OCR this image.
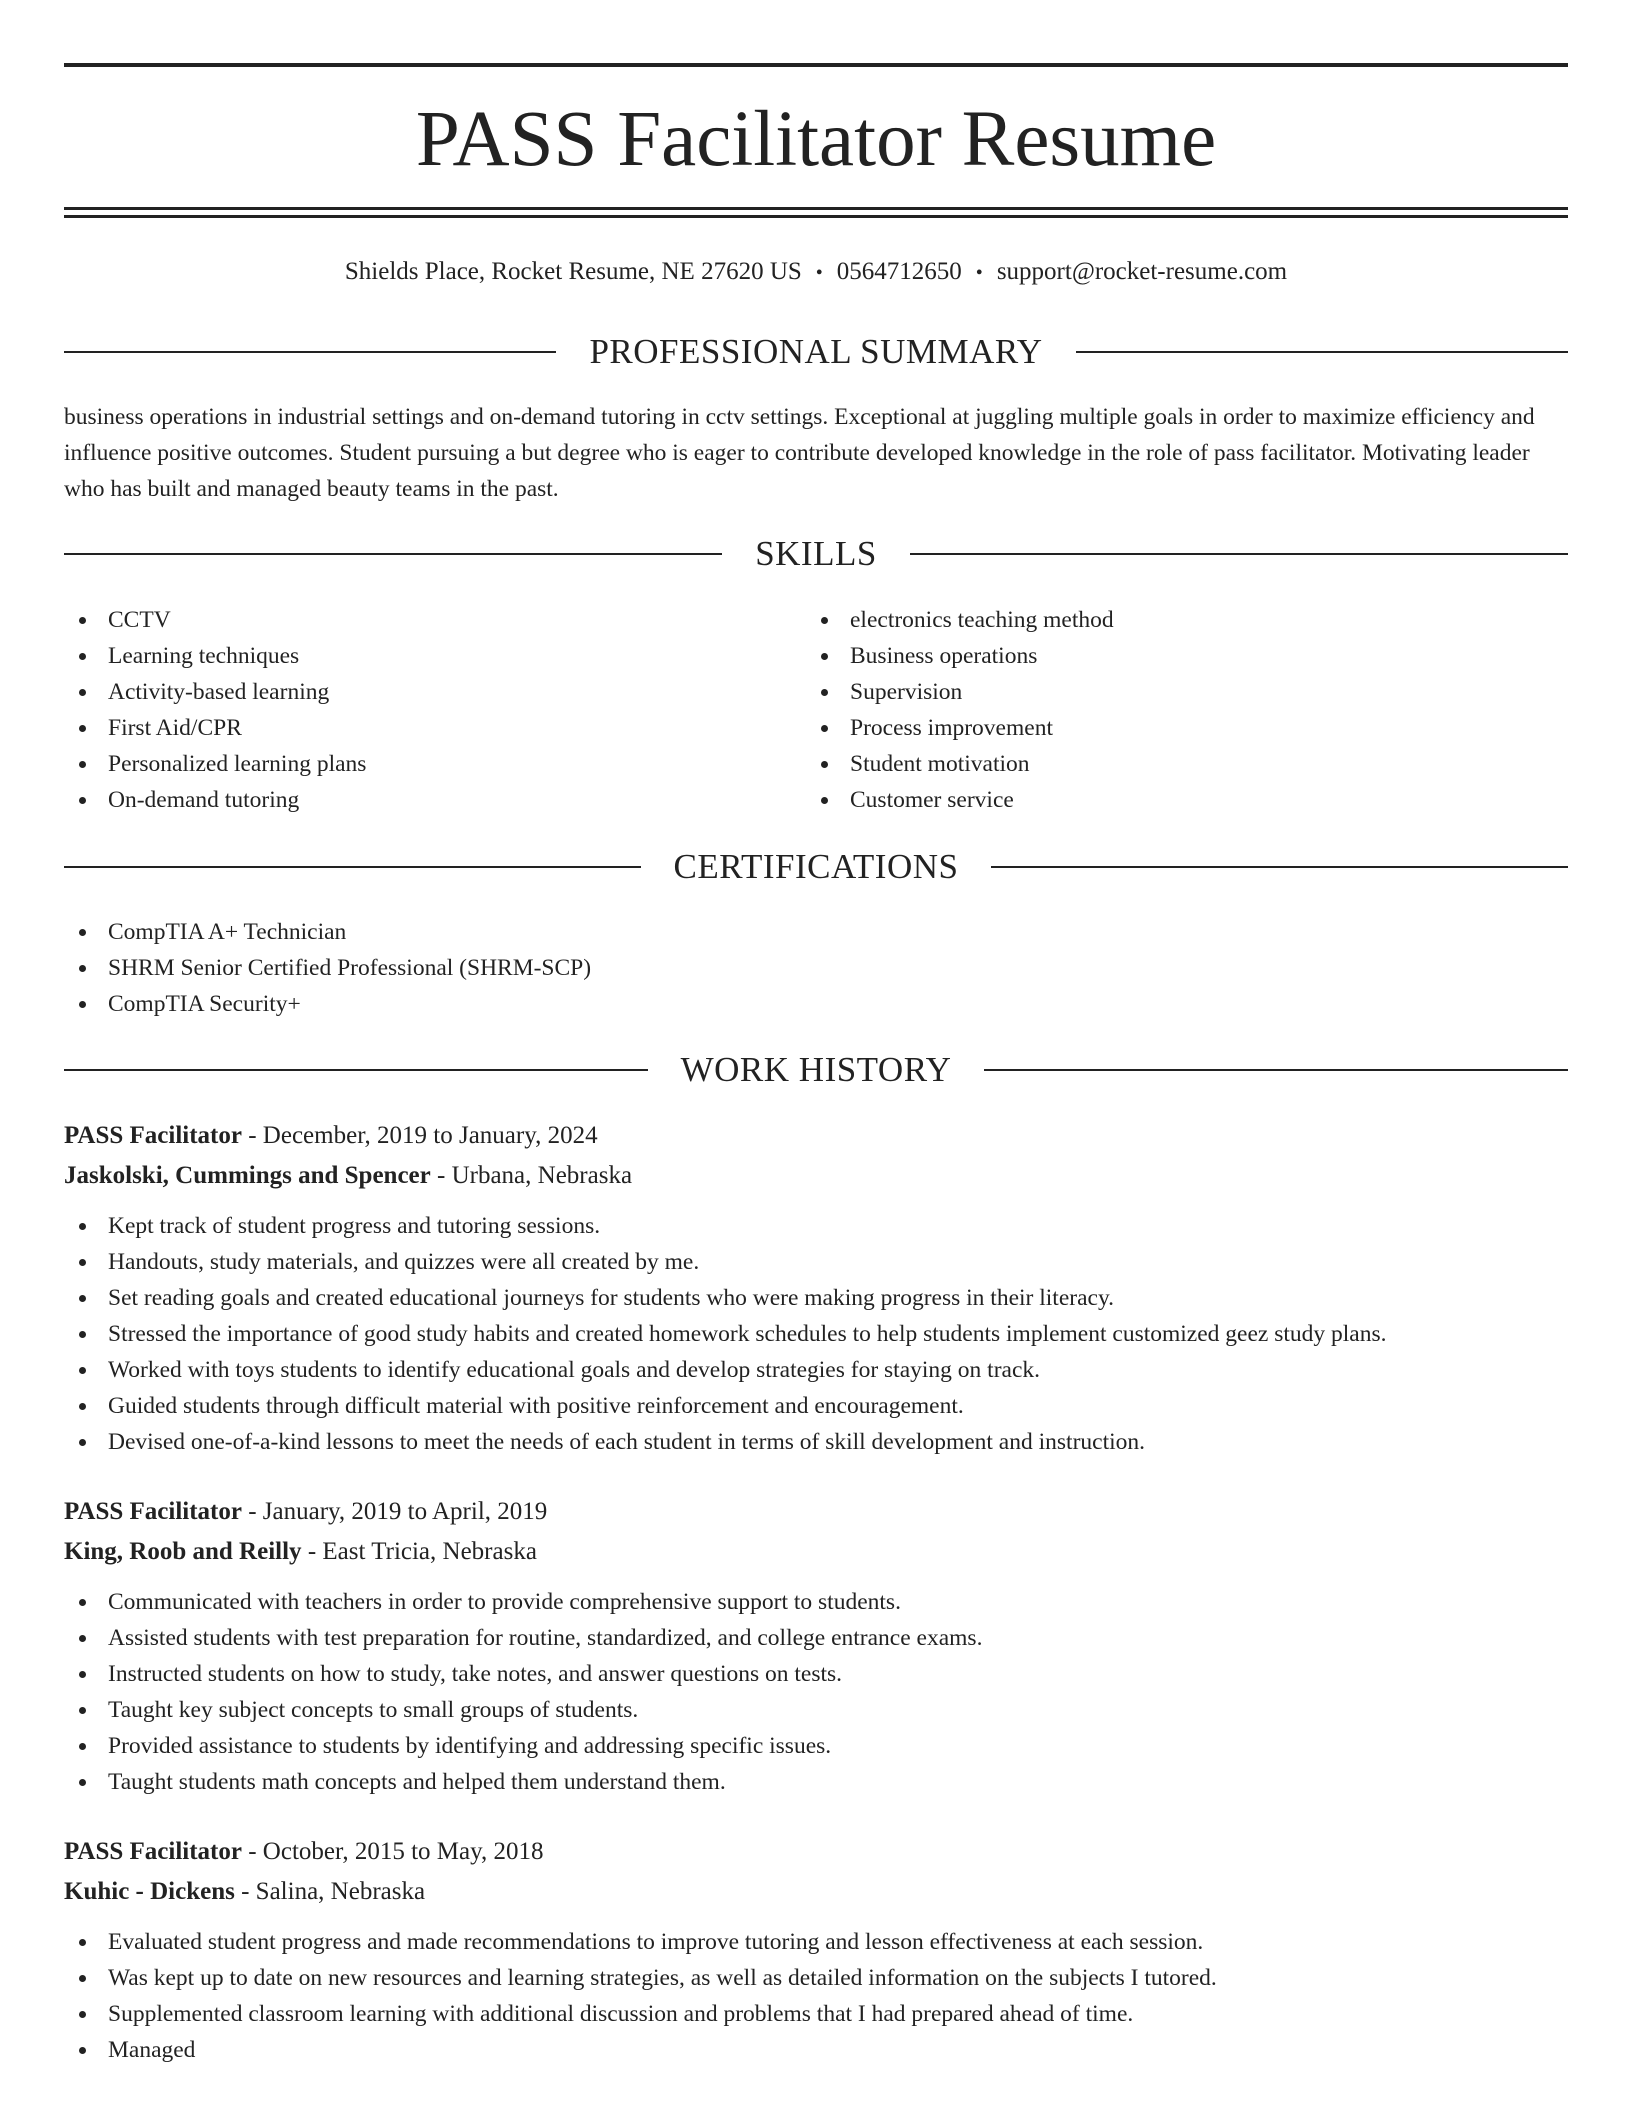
PASS Facilitator Resume
Shields Place, Rocket Resume, NE 27620 US • 0564712650 • support@rocket-resume.com
PROFESSIONAL SUMMARY

business operations in industrial settings and on-demand tutoring in cctv settings. Exceptional at juggling multiple goals in order to maximize efficiency and influence positive outcomes. Student pursuing a but degree who is eager to contribute developed knowledge in the role of pass facilitator. Motivating leader who has built and managed beauty teams in the past.

SKILLS
CCTV
Learning techniques
Activity-based learning
First Aid/CPR
Personalized learning plans
On-demand tutoring
electronics teaching method
Business operations
Supervision
Process improvement
Student motivation
Customer service
CERTIFICATIONS
CompTIA A+ Technician
SHRM Senior Certified Professional (SHRM-SCP)
CompTIA Security+
WORK HISTORY
PASS Facilitator - December, 2019 to January, 2024
Jaskolski, Cummings and Spencer - Urbana, Nebraska
Kept track of student progress and tutoring sessions.
Handouts, study materials, and quizzes were all created by me.
Set reading goals and created educational journeys for students who were making progress in their literacy.
Stressed the importance of good study habits and created homework schedules to help students implement customized geez study plans.
Worked with toys students to identify educational goals and develop strategies for staying on track.
Guided students through difficult material with positive reinforcement and encouragement.
Devised one-of-a-kind lessons to meet the needs of each student in terms of skill development and instruction.
PASS Facilitator - January, 2019 to April, 2019
King, Roob and Reilly - East Tricia, Nebraska
Communicated with teachers in order to provide comprehensive support to students.
Assisted students with test preparation for routine, standardized, and college entrance exams.
Instructed students on how to study, take notes, and answer questions on tests.
Taught key subject concepts to small groups of students.
Provided assistance to students by identifying and addressing specific issues.
Taught students math concepts and helped them understand them.
PASS Facilitator - October, 2015 to May, 2018
Kuhic - Dickens - Salina, Nebraska
Evaluated student progress and made recommendations to improve tutoring and lesson effectiveness at each session.
Was kept up to date on new resources and learning strategies, as well as detailed information on the subjects I tutored.
Supplemented classroom learning with additional discussion and problems that I had prepared ahead of time.
Managed
